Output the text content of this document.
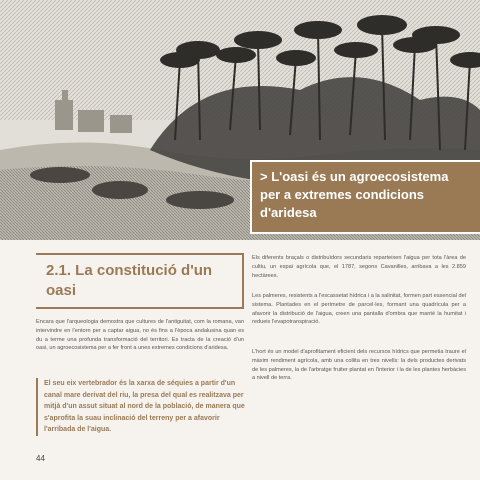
> L'oasi és un agroecosistema per a extremes condicions d'aridesa
2.1. La constitució d'un oasi
Encara que l'arqueologia demostra que cultures de l'antiguitat, com la romana, van intervindre en l'entorn per a captar aigua, no és fins a l'època andalusina quan es du a terme una profunda transformació del territori. Es tracta de la creació d'un oasi, un agroecosistema per a fer front a unes extremes condicions d'aridesa.

El seu eix vertebrador és la xarxa de séquies a partir d'un canal mare derivat del riu, la presa del qual es realitzava per mitjà d'un assut situat al nord de la població, de manera que s'aprofita la suau inclinació del terreny per a afavorir l'arribada de l'aigua.

Els diferents braçals o distribuïdors secundaris reparteixen l'aigua per tota l'àrea de cultiu, un espai agrícola que, el 1787, segons Cavanilles, arribava a les 2.859 hectàrees.
Les palmeres, resistents a l'escassetat hídrica i a la salinitat, formen part essencial del sistema. Plantades en el perímetre de parcel·les, formant una quadrícula per a afavorir la distribució de l'aigua, creen una pantalla d'ombra que manté la humitat i redueix l'evapotranspiració.
L'hort és un model d'aprofitament eficient dels recursos hídrics que permetia traure el màxim rendiment agrícola, amb una collita en tres nivells: la dels productes derivats de les palmeres, la de l'arbratge fruiter plantat en l'interior i la de les plantes herbàcies a nivell de terra.
44
